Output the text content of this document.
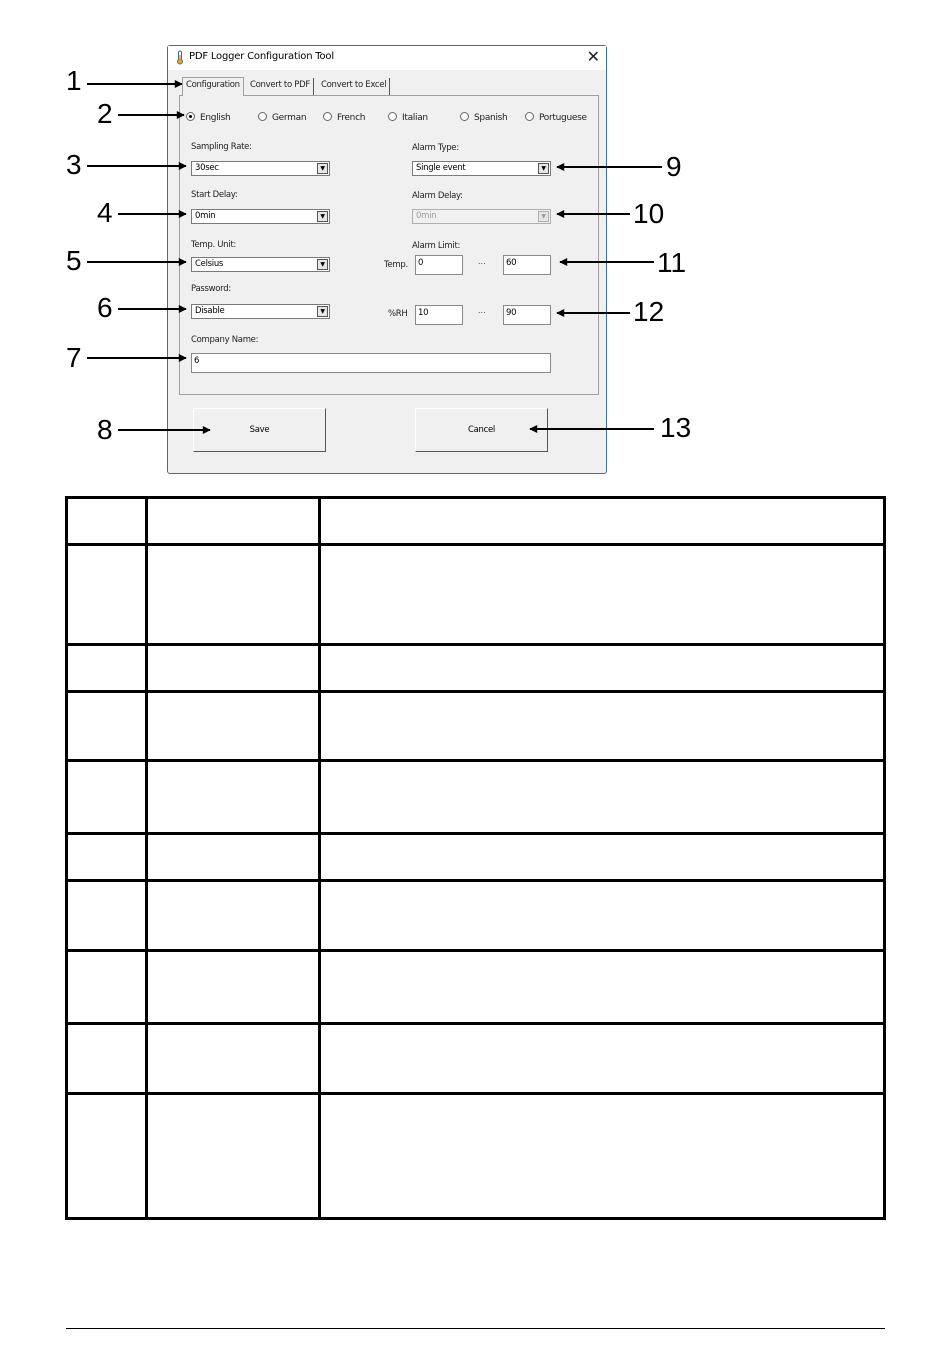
PDF Logger Configuration Tool	✕
Configuration	Convert to PDF	Convert to Excel
English	German	French	Italian	Spanish	Portuguese
Sampling Rate:
30sec	▼
Start Delay:
0min	▼
Temp. Unit:
Celsius	▼
Password:
Disable	▼
Company Name:
6
Alarm Type:
Single event	▼
Alarm Delay:
0min	▼
Alarm Limit:
Temp.	0	...	60
%RH	10	...	90
Save	Cancel
1
2
3
4
5
6
7
8
9
10
11
12
13
